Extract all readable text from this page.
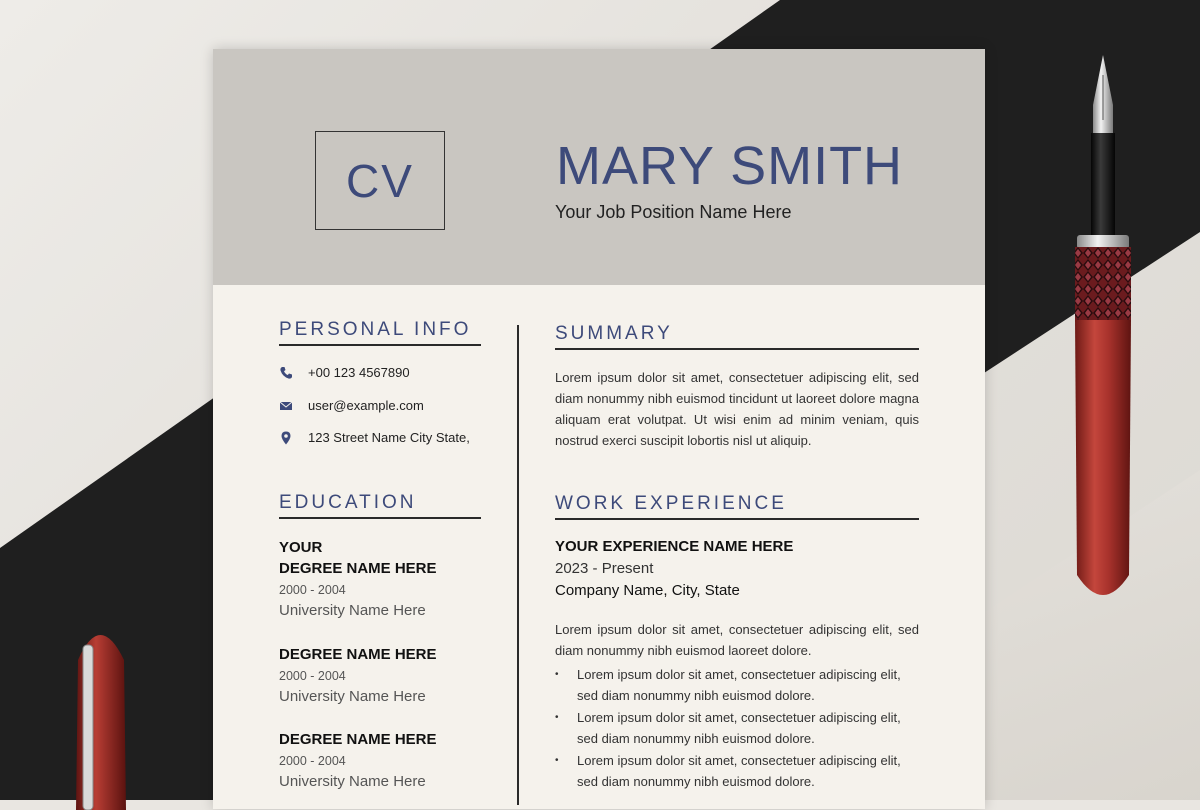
CV	MARY SMITH
Your Job Position Name Here
PERSONAL INFO
+00 123 4567890
user@example.com
123 Street Name City State,
EDUCATION
YOUR
DEGREE NAME HERE
2000 - 2004
University Name Here
DEGREE NAME HERE
2000 - 2004
University Name Here
DEGREE NAME HERE
2000 - 2004
University Name Here
SUMMARY
Lorem ipsum dolor sit amet, consectetuer adipiscing elit, sed diam nonummy nibh euismod tincidunt ut laoreet dolore magna aliquam erat volutpat. Ut wisi enim ad minim veniam, quis nostrud exerci suscipit lobortis nisl ut aliquip.
WORK EXPERIENCE
YOUR EXPERIENCE NAME HERE
2023 - Present
Company Name, City, State
Lorem ipsum dolor sit amet, consectetuer adipiscing elit, sed diam nonummy nibh euismod laoreet dolore.
• Lorem ipsum dolor sit amet, consectetuer adipiscing elit, sed diam nonummy nibh euismod dolore.
• Lorem ipsum dolor sit amet, consectetuer adipiscing elit, sed diam nonummy nibh euismod dolore.
• Lorem ipsum dolor sit amet, consectetuer adipiscing elit, sed diam nonummy nibh euismod dolore.
